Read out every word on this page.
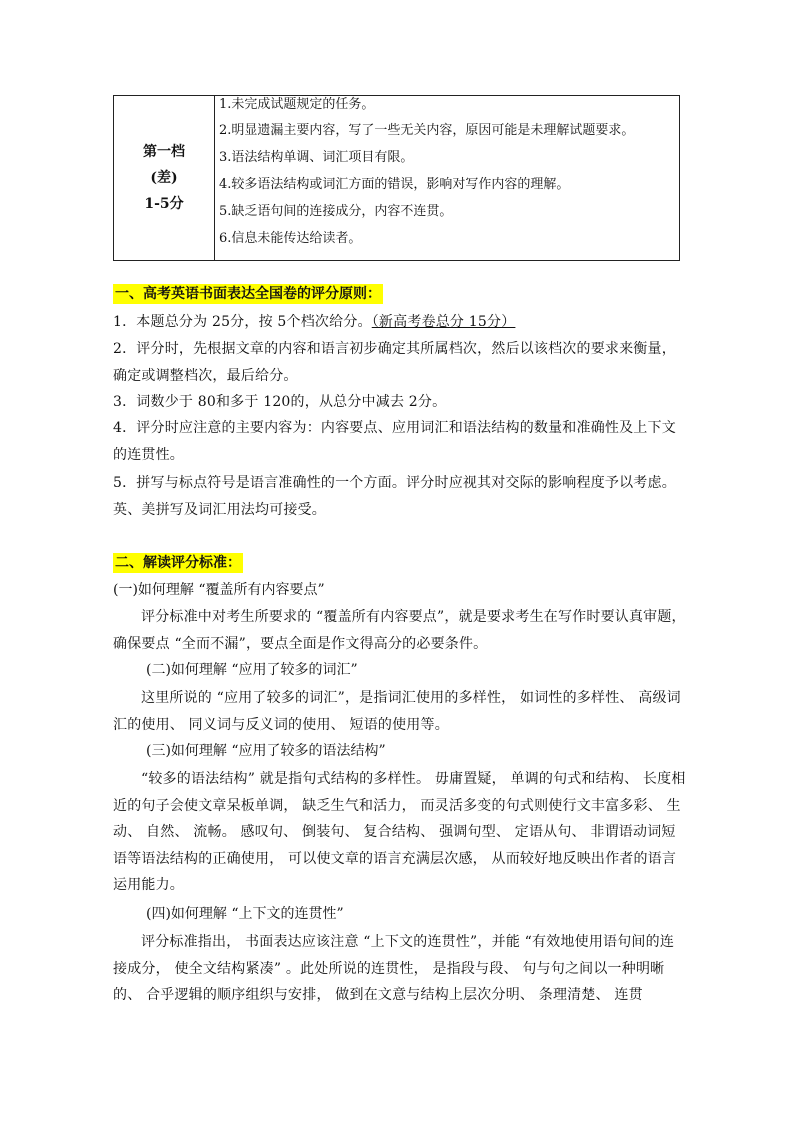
第一档
(差)
1-5分
1.未完成试题规定的任务。
2.明显遗漏主要内容，写了一些无关内容，原因可能是未理解试题要求。
3.语法结构单调、词汇项目有限。
4.较多语法结构或词汇方面的错误，影响对写作内容的理解。
5.缺乏语句间的连接成分，内容不连贯。
6.信息未能传达给读者。
一、高考英语书面表达全国卷的评分原则：
1．本题总分为 25分，按 5个档次给分。（新高考卷总分 15分）
2．评分时，先根据文章的内容和语言初步确定其所属档次，然后以该档次的要求来衡量，确定或调整档次，最后给分。
3．词数少于 80和多于 120的，从总分中减去 2分。
4．评分时应注意的主要内容为：内容要点、应用词汇和语法结构的数量和准确性及上下文的连贯性。
5．拼写与标点符号是语言准确性的一个方面。评分时应视其对交际的影响程度予以考虑。英、美拼写及词汇用法均可接受。
二、解读评分标准：
(一)如何理解 “覆盖所有内容要点”
评分标准中对考生所要求的 “覆盖所有内容要点”，就是要求考生在写作时要认真审题，确保要点 “全而不漏”，要点全面是作文得高分的必要条件。
(二)如何理解 “应用了较多的词汇”
这里所说的 “应用了较多的词汇”，是指词汇使用的多样性， 如词性的多样性、 高级词汇的使用、 同义词与反义词的使用、 短语的使用等。
(三)如何理解 “应用了较多的语法结构”
“较多的语法结构” 就是指句式结构的多样性。 毋庸置疑， 单调的句式和结构、 长度相近的句子会使文章呆板单调， 缺乏生气和活力， 而灵活多变的句式则使行文丰富多彩、 生动、 自然、 流畅。 感叹句、 倒装句、 复合结构、 强调句型、 定语从句、 非谓语动词短语等语法结构的正确使用， 可以使文章的语言充满层次感， 从而较好地反映出作者的语言运用能力。
(四)如何理解 “上下文的连贯性”
评分标准指出， 书面表达应该注意 “上下文的连贯性”，并能 “有效地使用语句间的连接成分， 使全文结构紧凑” 。此处所说的连贯性， 是指段与段、 句与句之间以一种明晰的、 合乎逻辑的顺序组织与安排， 做到在文意与结构上层次分明、 条理清楚、 连贯
